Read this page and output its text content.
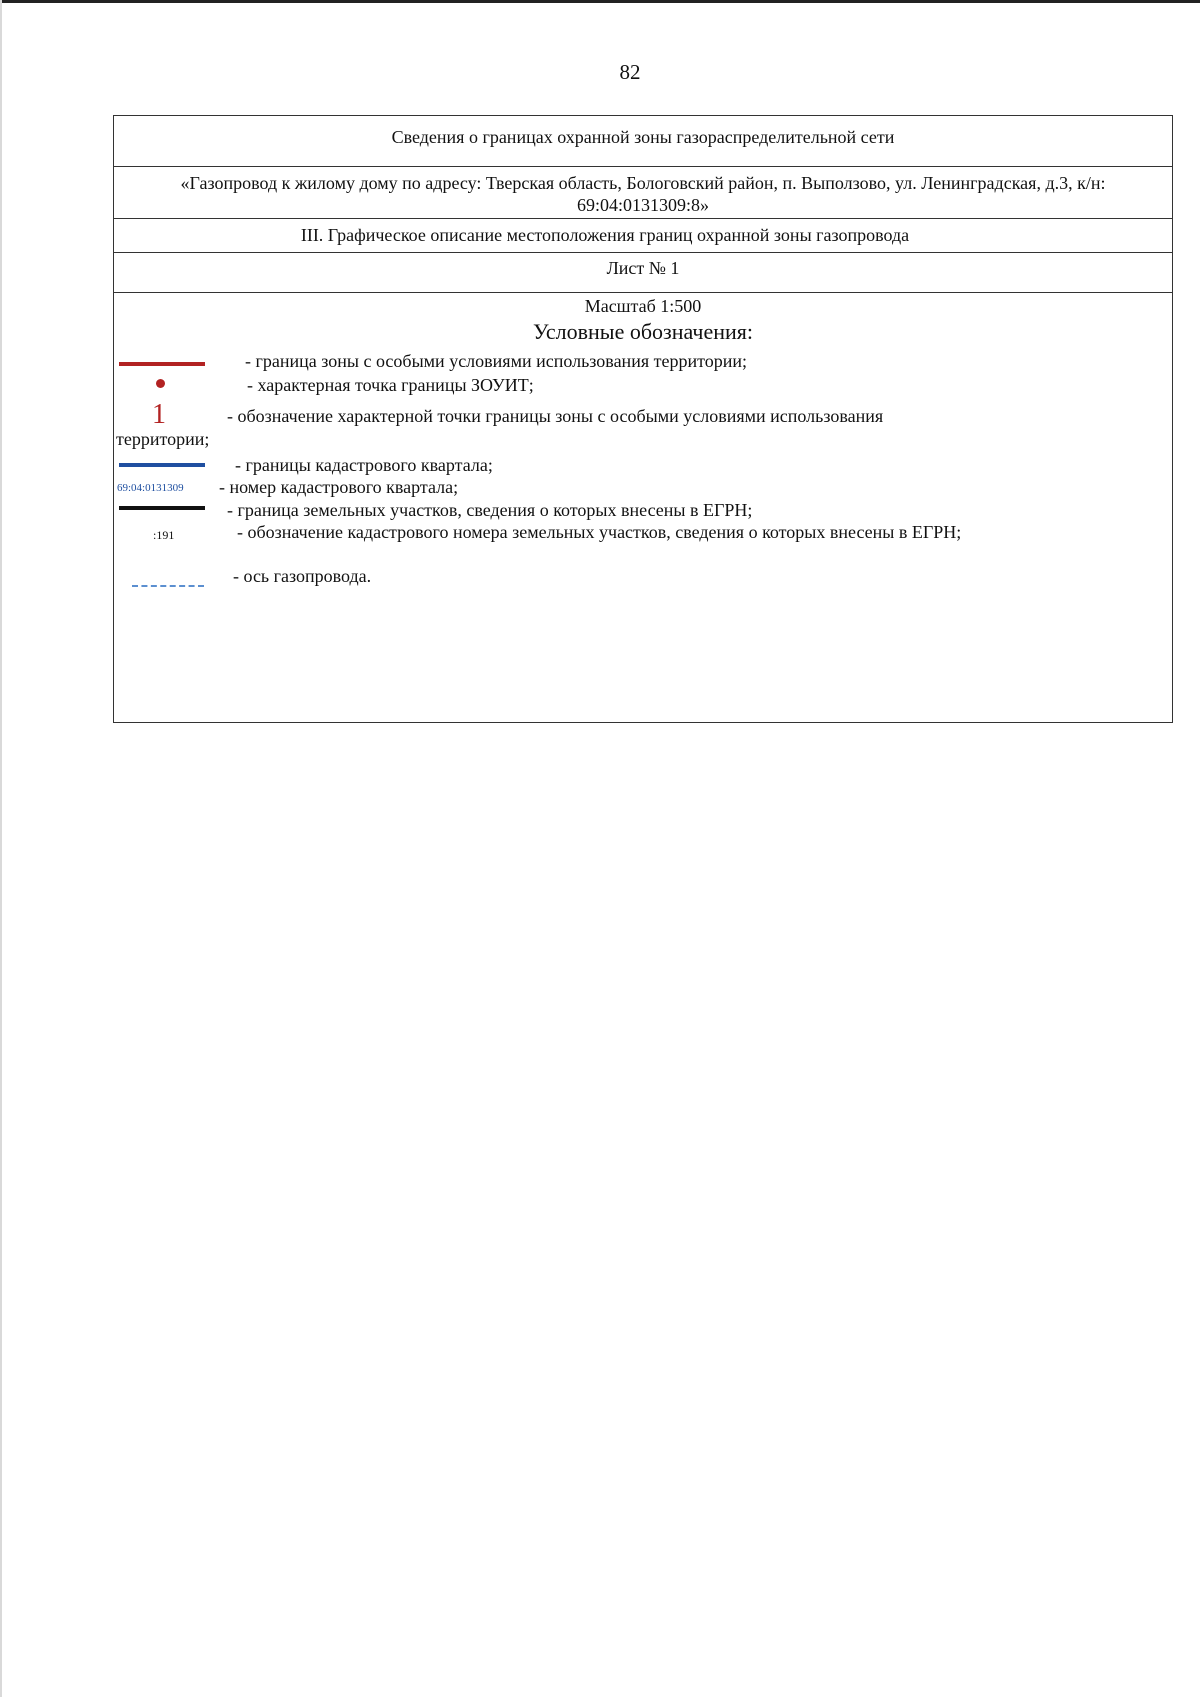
82
Сведения о границах охранной зоны газораспределительной сети
«Газопровод к жилому дому по адресу: Тверская область, Бологовский район, п. Выползово, ул. Ленинградская, д.3, к/н:
69:04:0131309:8»
III. Графическое описание местоположения границ охранной зоны газопровода
Лист № 1
Масштаб 1:500
Условные обозначения:
- граница зоны с особыми условиями использования территории;
- характерная точка границы ЗОУИТ;
1	- обозначение характерной точки границы зоны с особыми условиями использования
территории;
- границы кадастрового квартала;
69:04:0131309 - номер кадастрового квартала;
- граница земельных участков, сведения о которых внесены в ЕГРН;
:191	- обозначение кадастрового номера земельных участков, сведения о которых внесены в ЕГРН;
- ось газопровода.
